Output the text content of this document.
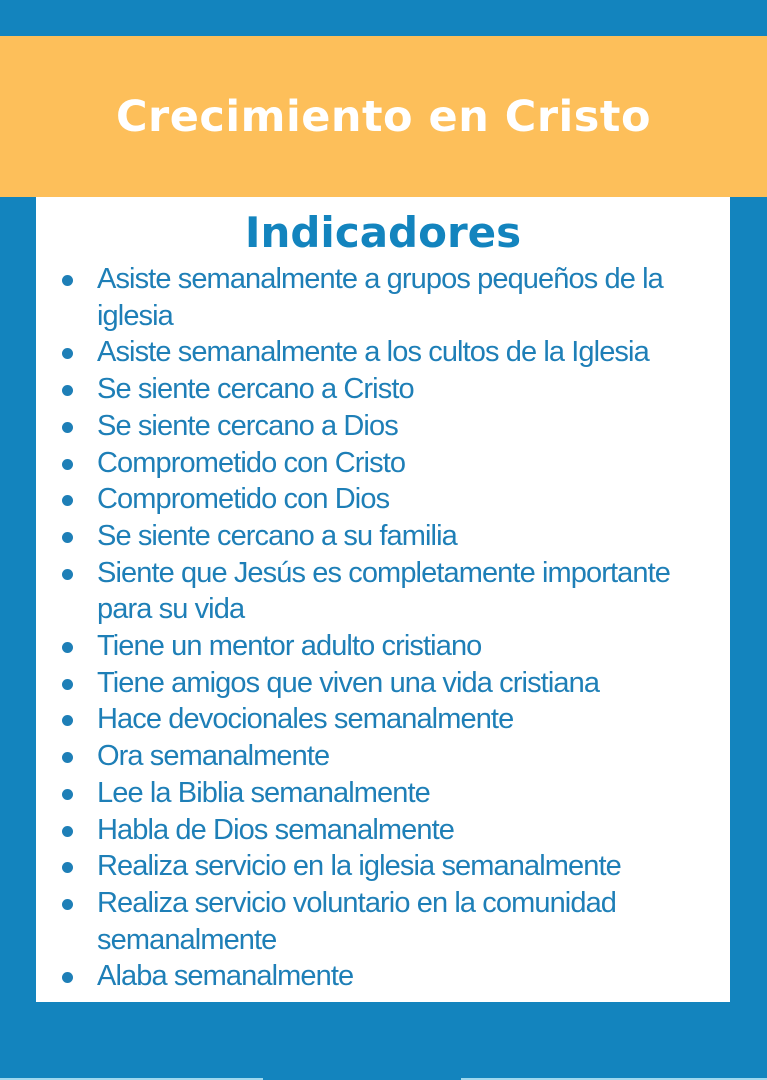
Crecimiento en Cristo
Indicadores
Asiste semanalmente a grupos pequeños de la iglesia
Asiste semanalmente a los cultos de la Iglesia
Se siente cercano a Cristo
Se siente cercano a Dios
Comprometido con Cristo
Comprometido con Dios
Se siente cercano a su familia
Siente que Jesús es completamente importante para su vida
Tiene un mentor adulto cristiano
Tiene amigos que viven una vida cristiana
Hace devocionales semanalmente
Ora semanalmente
Lee la Biblia semanalmente
Habla de Dios semanalmente
Realiza servicio en la iglesia semanalmente
Realiza servicio voluntario en la comunidad semanalmente
Alaba semanalmente
